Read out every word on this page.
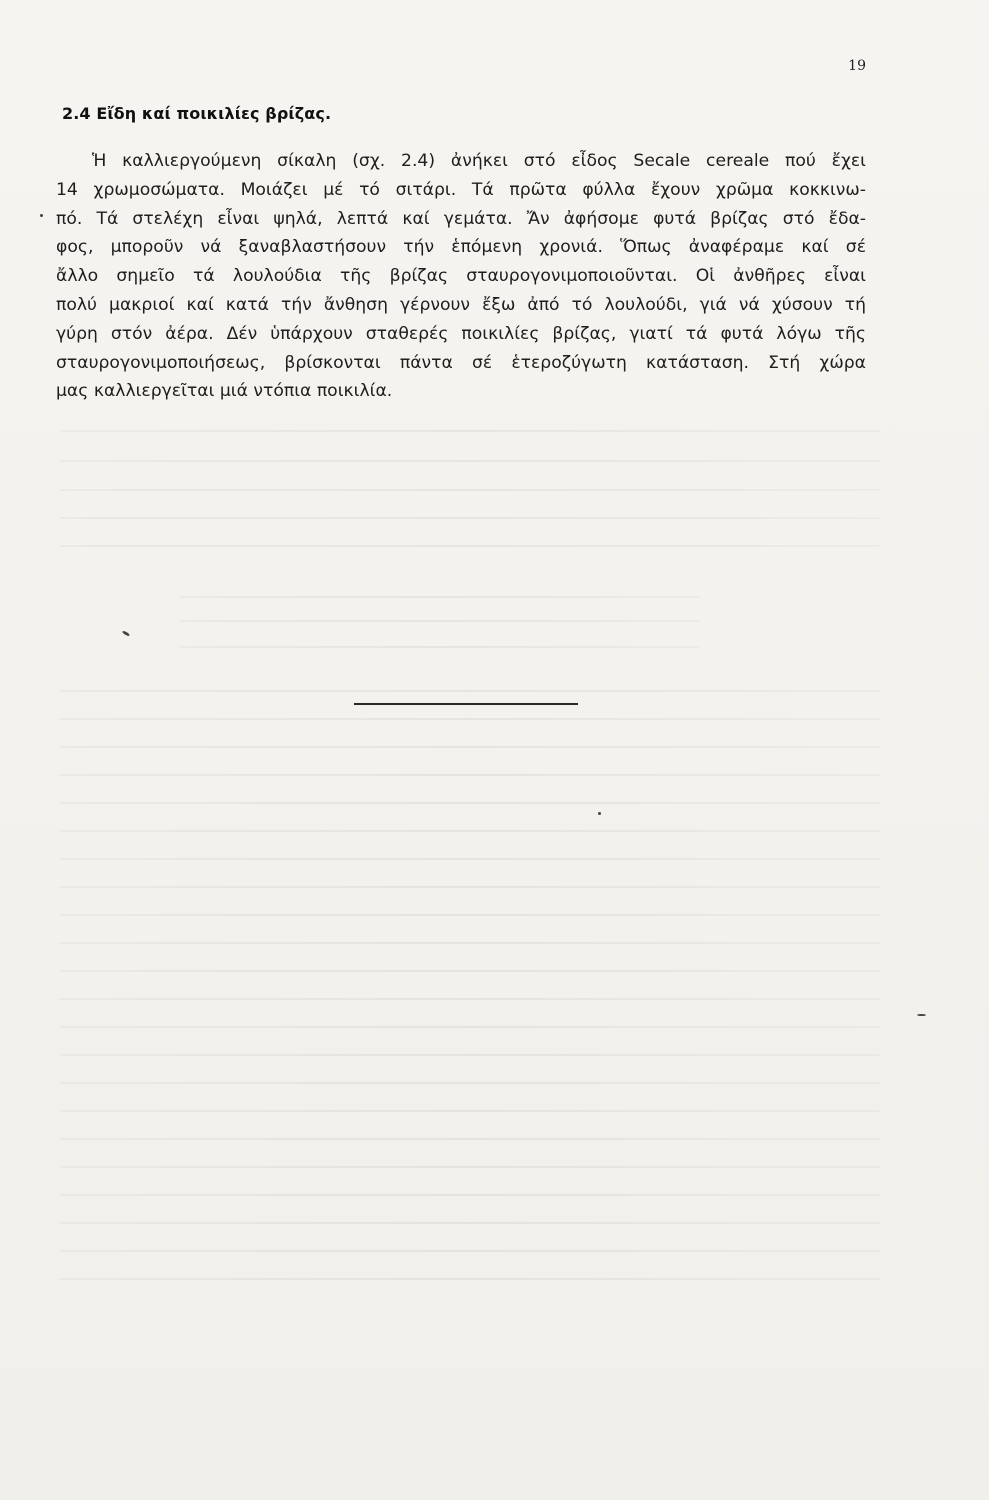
19
2.4 Εἴδη καί ποικιλίες βρίζας.
Ἡ καλλιεργούμενη σίκαλη (σχ. 2.4) ἀνήκει στό εἶδος Secale cereale πού ἔχει
14 χρωμοσώματα. Μοιάζει μέ τό σιτάρι. Τά πρῶτα φύλλα ἔχουν χρῶμα κοκκινω-
πό. Τά στελέχη εἶναι ψηλά, λεπτά καί γεμάτα. Ἄν ἀφήσομε φυτά βρίζας στό ἔδα-
φος, μποροῦν νά ξαναβλαστήσουν τήν ἑπόμενη χρονιά. Ὅπως ἀναφέραμε καί σέ
ἄλλο σημεῖο τά λουλούδια τῆς βρίζας σταυρογονιμοποιοῦνται. Οἱ ἀνθῆρες εἶναι
πολύ μακριοί καί κατά τήν ἄνθηση γέρνουν ἔξω ἀπό τό λουλούδι, γιά νά χύσουν τή
γύρη στόν ἀέρα. Δέν ὑπάρχουν σταθερές ποικιλίες βρίζας, γιατί τά φυτά λόγω τῆς
σταυρογονιμοποιήσεως, βρίσκονται πάντα σέ ἑτεροζύγωτη κατάσταση. Στή χώρα
μας καλλιεργεῖται μιά ντόπια ποικιλία.
